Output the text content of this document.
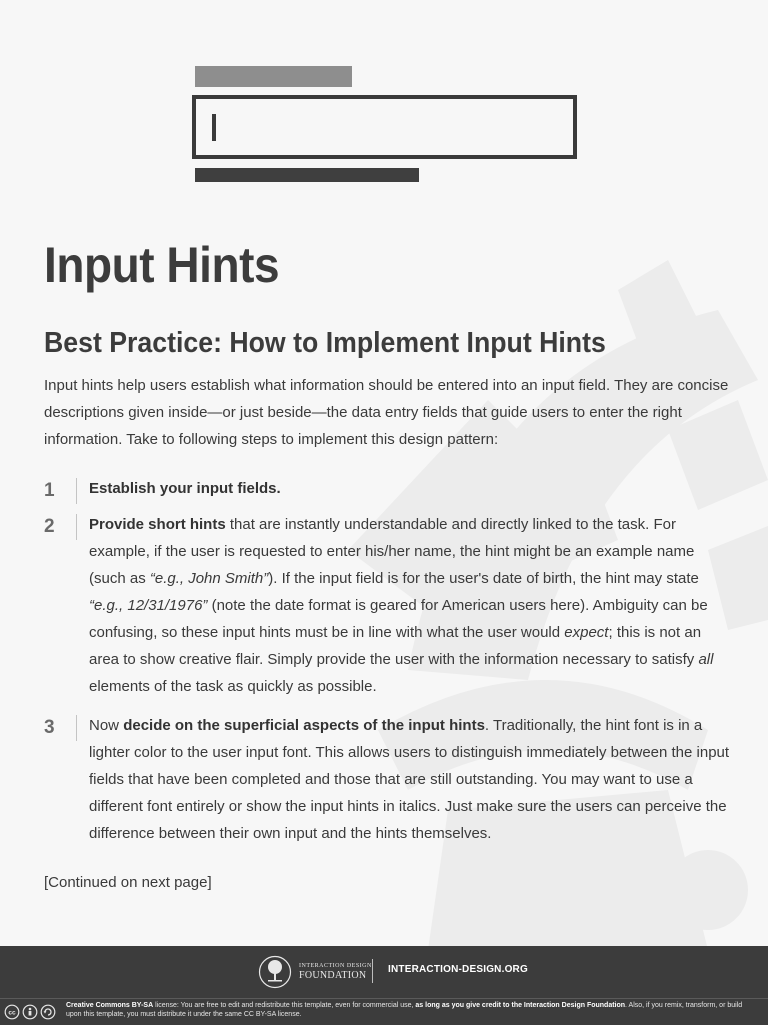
Input Hints
Best Practice: How to Implement Input Hints

Input hints help users establish what information should be entered into an input field. They are concise descriptions given inside—or just beside—the data entry fields that guide users to enter the right information. Take to following steps to implement this design pattern:

1 Establish your input fields.

2 Provide short hints that are instantly understandable and directly linked to the task. For example, if the user is requested to enter his/her name, the hint might be an example name (such as “e.g., John Smith”). If the input field is for the user's date of birth, the hint may state “e.g., 12/31/1976” (note the date format is geared for American users here). Ambiguity can be confusing, so these input hints must be in line with what the user would expect; this is not an area to show creative flair. Simply provide the user with the information necessary to satisfy all elements of the task as quickly as possible.

3 Now decide on the superficial aspects of the input hints. Traditionally, the hint font is in a lighter color to the user input font. This allows users to distinguish immediately between the input fields that have been completed and those that are still outstanding. You may want to use a different font entirely or show the input hints in italics. Just make sure the users can perceive the difference between their own input and the hints themselves.

[Continued on next page]

INTERACTION DESIGN
FOUNDATION
INTERACTION-DESIGN.ORG
cc

Creative Commons BY-SA license: You are free to edit and redistribute this template, even for commercial use, as long as you give credit to the Interaction Design Foundation. Also, if you remix, transform, or build upon this template, you must distribute it under the same CC BY-SA license.
